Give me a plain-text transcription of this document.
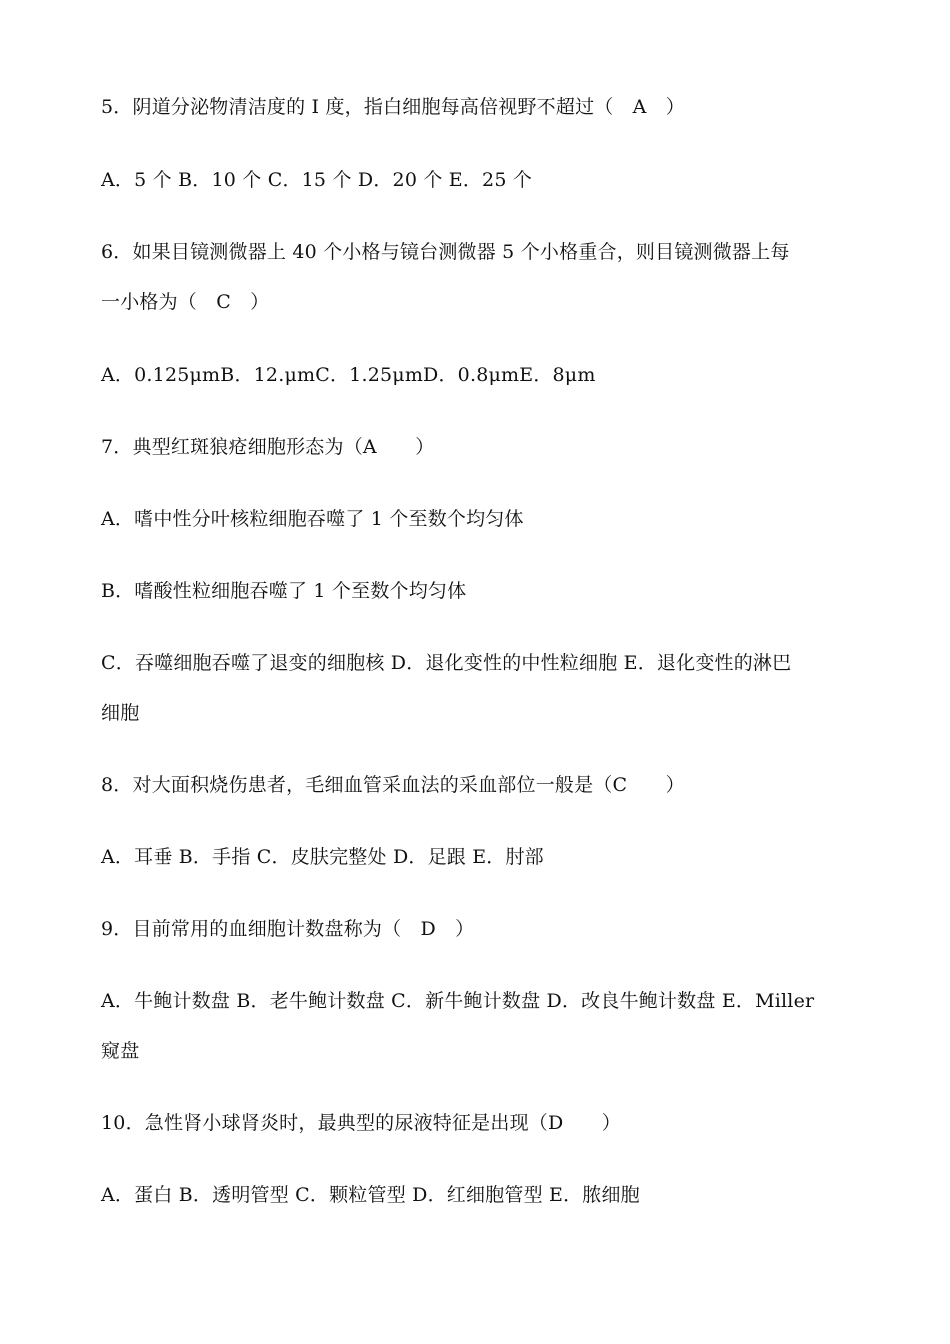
5．阴道分泌物清洁度的 I 度，指白细胞每高倍视野不超过（　A　）
A．5 个 B．10 个 C．15 个 D．20 个 E．25 个
6．如果目镜测微器上 40 个小格与镜台测微器 5 个小格重合，则目镜测微器上每
一小格为（　C　）
A．0.125μmB．12.μmC．1.25μmD．0.8μmE．8μm
7．典型红斑狼疮细胞形态为（A　　）
A．嗜中性分叶核粒细胞吞噬了 1 个至数个均匀体
B．嗜酸性粒细胞吞噬了 1 个至数个均匀体
C．吞噬细胞吞噬了退变的细胞核 D．退化变性的中性粒细胞 E．退化变性的淋巴
细胞
8．对大面积烧伤患者，毛细血管采血法的采血部位一般是（C　　）
A．耳垂 B．手指 C．皮肤完整处 D．足跟 E．肘部
9．目前常用的血细胞计数盘称为（　D　）
A．牛鲍计数盘 B．老牛鲍计数盘 C．新牛鲍计数盘 D．改良牛鲍计数盘 E．Miller
窥盘
10．急性肾小球肾炎时，最典型的尿液特征是出现（D　　）
A．蛋白 B．透明管型 C．颗粒管型 D．红细胞管型 E．脓细胞
